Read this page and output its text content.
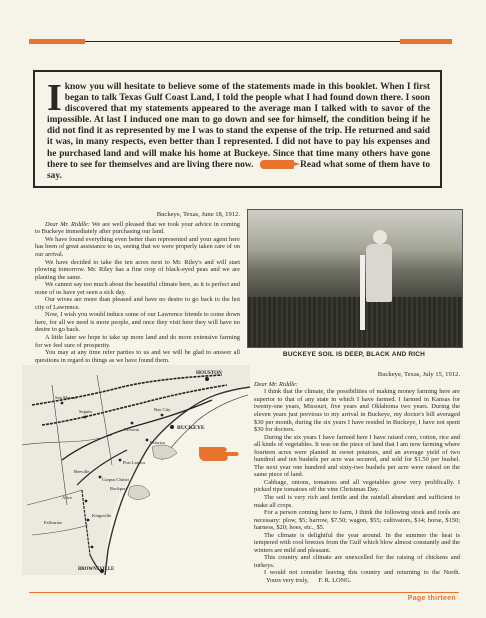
I know you will hesitate to believe some of the statements made in this booklet. When I first began to talk Texas Gulf Coast Land, I told the people what I had found down there. I soon discovered that my statements appeared to the average man I talked with to savor of the impossible. At last I induced one man to go down and see for himself, the condition being if he did not find it as represented by me I was to stand the expense of the trip. He returned and said it was, in many respects, even better than I represented. I did not have to pay his expenses and he purchased land and will make his home at Buckeye. Since that time many others have gone there to see for themselves and are living there now.	Read what some of them have to say.

Buckeye, Texas, June 18, 1912.

Dear Mr. Riddle: We are well pleased that we took your advice in coming to Buckeye immediately after purchasing our land.

We have found everything even better than represented and your agent here has been of great assistance to us, seeing that we were properly taken care of on our arrival.

We have decided to take the ten acres next to Mr. Riley's and will start plowing tomorrow. Mr. Riley has a fine crop of black-eyed peas and we are planting the same.

We cannot say too much about the beautiful climate here, as it is perfect and none of us have yet seen a sick day.

Our wives are more than pleased and have no desire to go back to the hot city of Lawrence.

Now, I wish you would induce some of our Lawrence friends to come down here, for all we need is more people, and once they visit here they will have no desire to go back.

A little later we hope to take up more land and do more extensive farming for we feel sure of prosperity.

You may at any time refer parties to us and we will be glad to answer all questions in regard to things as we have found them.

BUCKEYE SOIL IS DEEP, BLACK AND RICH

Buckeye, Texas, July 15, 1912.

Dear Mr. Riddle:

I think that the climate, the possibilities of making money farming here are superior to that of any state in which I have farmed. I farmed in Kansas for twenty-one years, Missouri, five years and Oklahoma two years. During the eleven years just previous to my arrival in Buckeye, my doctor's bill averaged $30 per month, during the six years I have resided in Buckeye, I have not spent $30 for doctors.

During the six years I have farmed here I have raised corn, cotton, rice and all kinds of vegetables. It was on the piece of land that I am now farming where fourteen acres were planted in sweet potatoes, and an average yield of two hundred and ten bushels per acre was secured, and sold for $1.50 per bushel. The next year one hundred and sixty-two bushels per acre were raised on the same piece of land.

Cabbage, onions, tomatoes and all vegetables grow very prolifically. I picked ripe tomatoes off the vine Christmas Day.

The soil is very rich and fertile and the rainfall abundant and sufficient to make all crops.

For a person coming here to farm, I think the following stock and tools are necessary: plow, $5; harrow, $7.50; wagon, $55; cultivators, $14; horse, $150; harness, $20; hoes, etc., $5.

The climate is delightful the year around. In the summer the heat is tempered with cool breezes from the Gulf which blow almost constantly and the winters are mild and pleasant.

This country and climate are unexcelled for the raising of chickens and turkeys.

I would not consider leaving this country and returning to the North. Yours very truly, F. R. LONG.

San Marcos
Seguin
Victoria
HOUSTON
Bay City
BUCKEYE
Palacios
Port Lavaca
BROWNSVILLE
Corpus Christi
Alice
Kingsville
Falfurrias
Rockport
Beeville
Page thirteen
